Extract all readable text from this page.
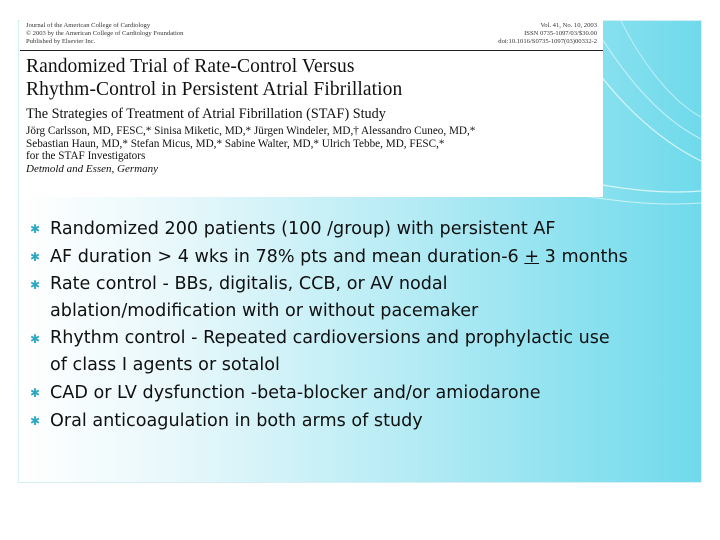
Journal of the American College of Cardiology
© 2003 by the American College of Cardiology Foundation
Published by Elsevier Inc.
Vol. 41, No. 10, 2003
ISSN 0735-1097/03/$30.00
doi:10.1016/S0735-1097(03)00332-2
Randomized Trial of Rate-Control Versus
Rhythm-Control in Persistent Atrial Fibrillation
The Strategies of Treatment of Atrial Fibrillation (STAF) Study
Jörg Carlsson, MD, FESC,* Sinisa Miketic, MD,* Jürgen Windeler, MD,† Alessandro Cuneo, MD,*
Sebastian Haun, MD,* Stefan Micus, MD,* Sabine Walter, MD,* Ulrich Tebbe, MD, FESC,*
for the STAF Investigators
Detmold and Essen, Germany
✱ Randomized 200 patients (100 /group) with persistent AF
✱ AF duration > 4 wks in 78% pts and mean duration-6 + 3 months
✱ Rate control - BBs, digitalis, CCB, or AV nodal
ablation/modification with or without pacemaker
✱ Rhythm control - Repeated cardioversions and prophylactic use
of class I agents or sotalol
✱ CAD or LV dysfunction -beta-blocker and/or amiodarone
✱ Oral anticoagulation in both arms of study
